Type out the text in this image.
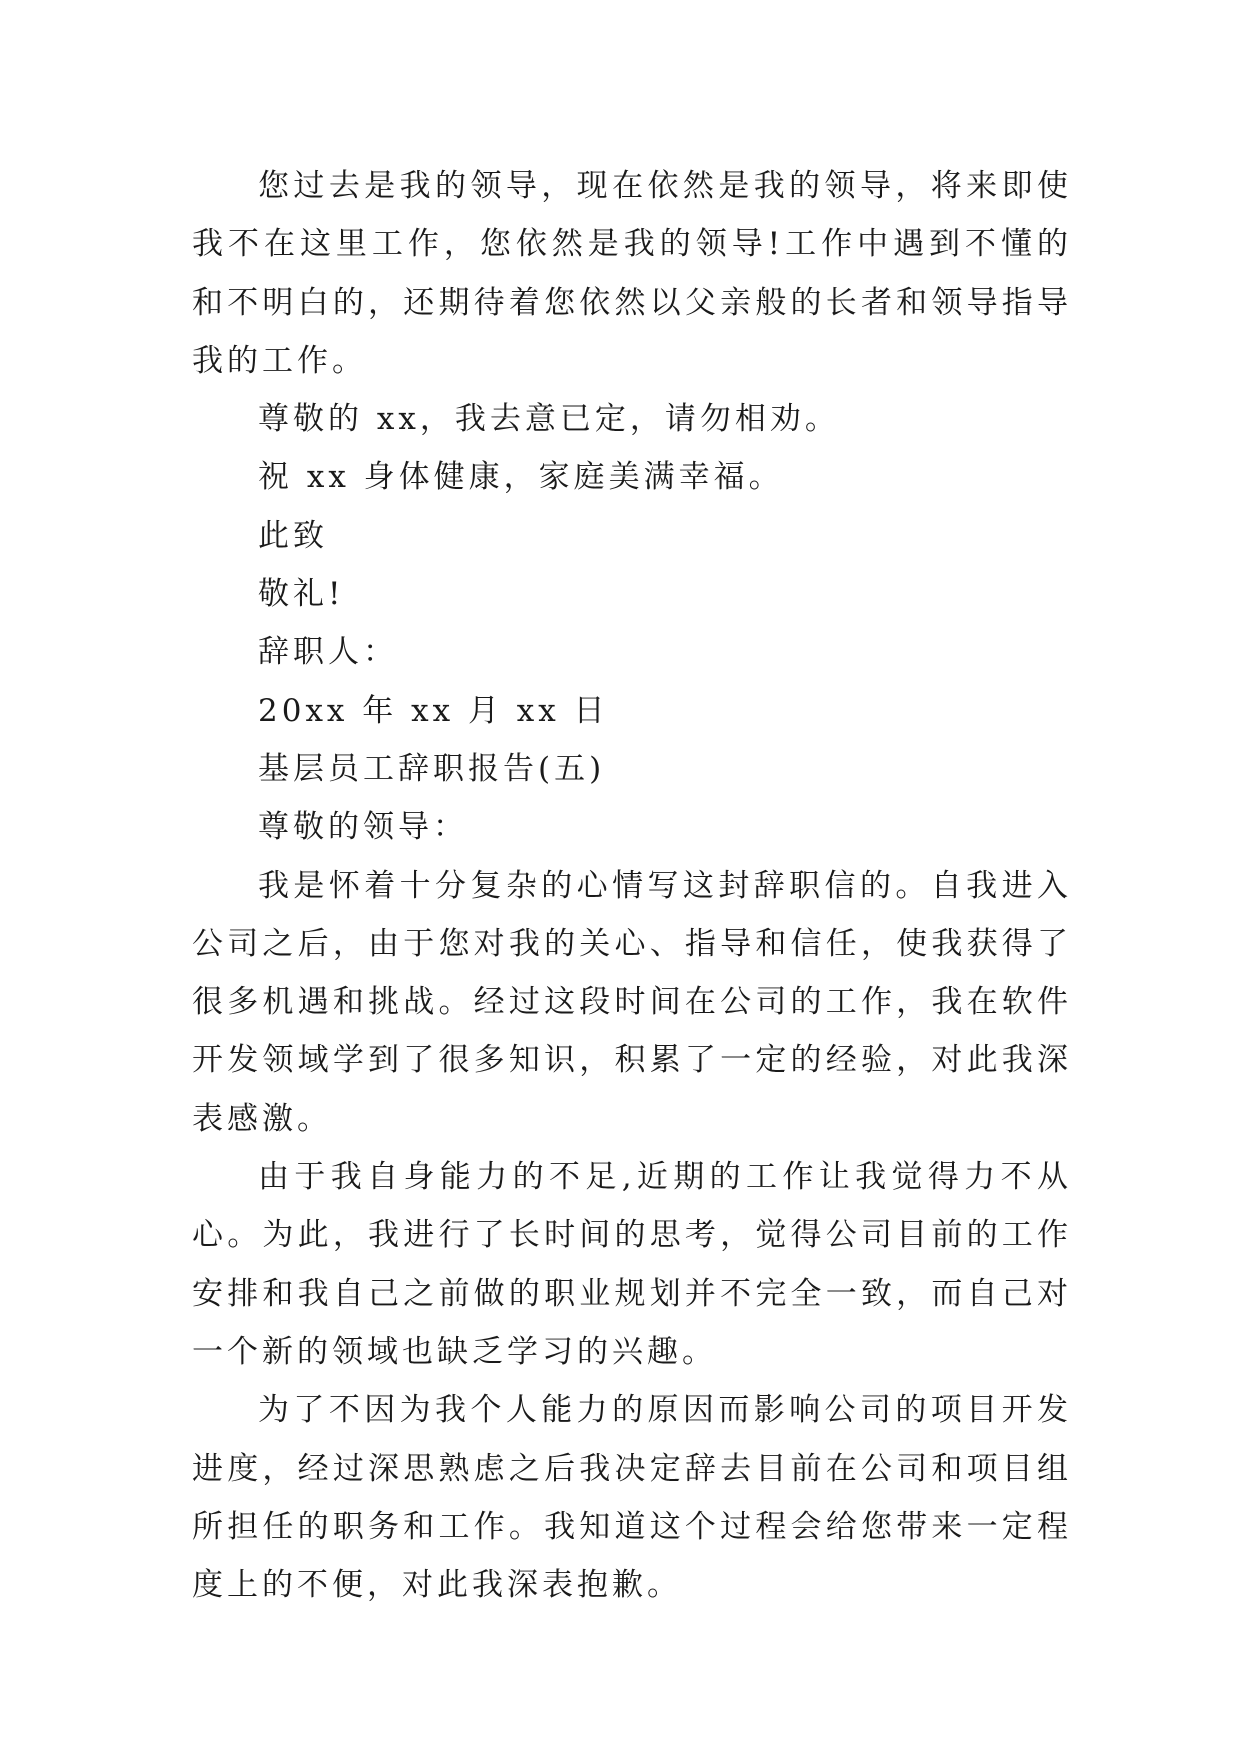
您过去是我的领导，现在依然是我的领导，将来即使我不在这里工作，您依然是我的领导!工作中遇到不懂的和不明白的，还期待着您依然以父亲般的长者和领导指导我的工作。

尊敬的 xx，我去意已定，请勿相劝。

祝 xx 身体健康，家庭美满幸福。

此致

敬礼!

辞职人：

20xx 年 xx 月 xx 日

基层员工辞职报告(五)

尊敬的领导：

我是怀着十分复杂的心情写这封辞职信的。自我进入公司之后，由于您对我的关心、指导和信任，使我获得了很多机遇和挑战。经过这段时间在公司的工作，我在软件开发领域学到了很多知识，积累了一定的经验，对此我深表感激。

由于我自身能力的不足,近期的工作让我觉得力不从心。为此，我进行了长时间的思考，觉得公司目前的工作安排和我自己之前做的职业规划并不完全一致，而自己对一个新的领域也缺乏学习的兴趣。

为了不因为我个人能力的原因而影响公司的项目开发进度，经过深思熟虑之后我决定辞去目前在公司和项目组所担任的职务和工作。我知道这个过程会给您带来一定程度上的不便，对此我深表抱歉。
